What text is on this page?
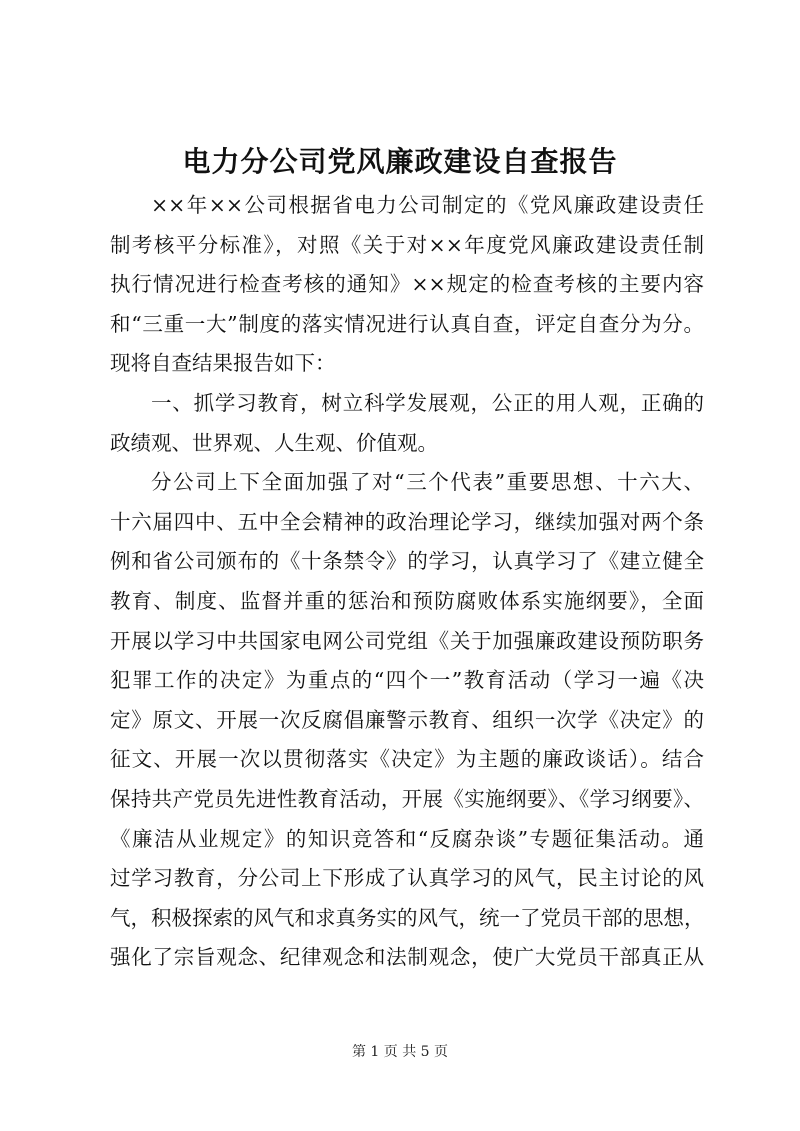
电力分公司党风廉政建设自查报告
××年××公司根据省电力公司制定的《党风廉政建设责任
制考核平分标准》，对照《关于对××年度党风廉政建设责任制
执行情况进行检查考核的通知》××规定的检查考核的主要内容
和“三重一大”制度的落实情况进行认真自查，评定自查分为分。
现将自查结果报告如下：
一、抓学习教育，树立科学发展观，公正的用人观，正确的
政绩观、世界观、人生观、价值观。
分公司上下全面加强了对“三个代表”重要思想、十六大、
十六届四中、五中全会精神的政治理论学习，继续加强对两个条
例和省公司颁布的《十条禁令》的学习，认真学习了《建立健全
教育、制度、监督并重的惩治和预防腐败体系实施纲要》，全面
开展以学习中共国家电网公司党组《关于加强廉政建设预防职务
犯罪工作的决定》为重点的“四个一”教育活动（学习一遍《决
定》原文、开展一次反腐倡廉警示教育、组织一次学《决定》的
征文、开展一次以贯彻落实《决定》为主题的廉政谈话）。结合
保持共产党员先进性教育活动，开展《实施纲要》、《学习纲要》、
《廉洁从业规定》的知识竞答和“反腐杂谈”专题征集活动。通
过学习教育，分公司上下形成了认真学习的风气，民主讨论的风
气，积极探索的风气和求真务实的风气，统一了党员干部的思想，
强化了宗旨观念、纪律观念和法制观念，使广大党员干部真正从
第 1 页 共 5 页
